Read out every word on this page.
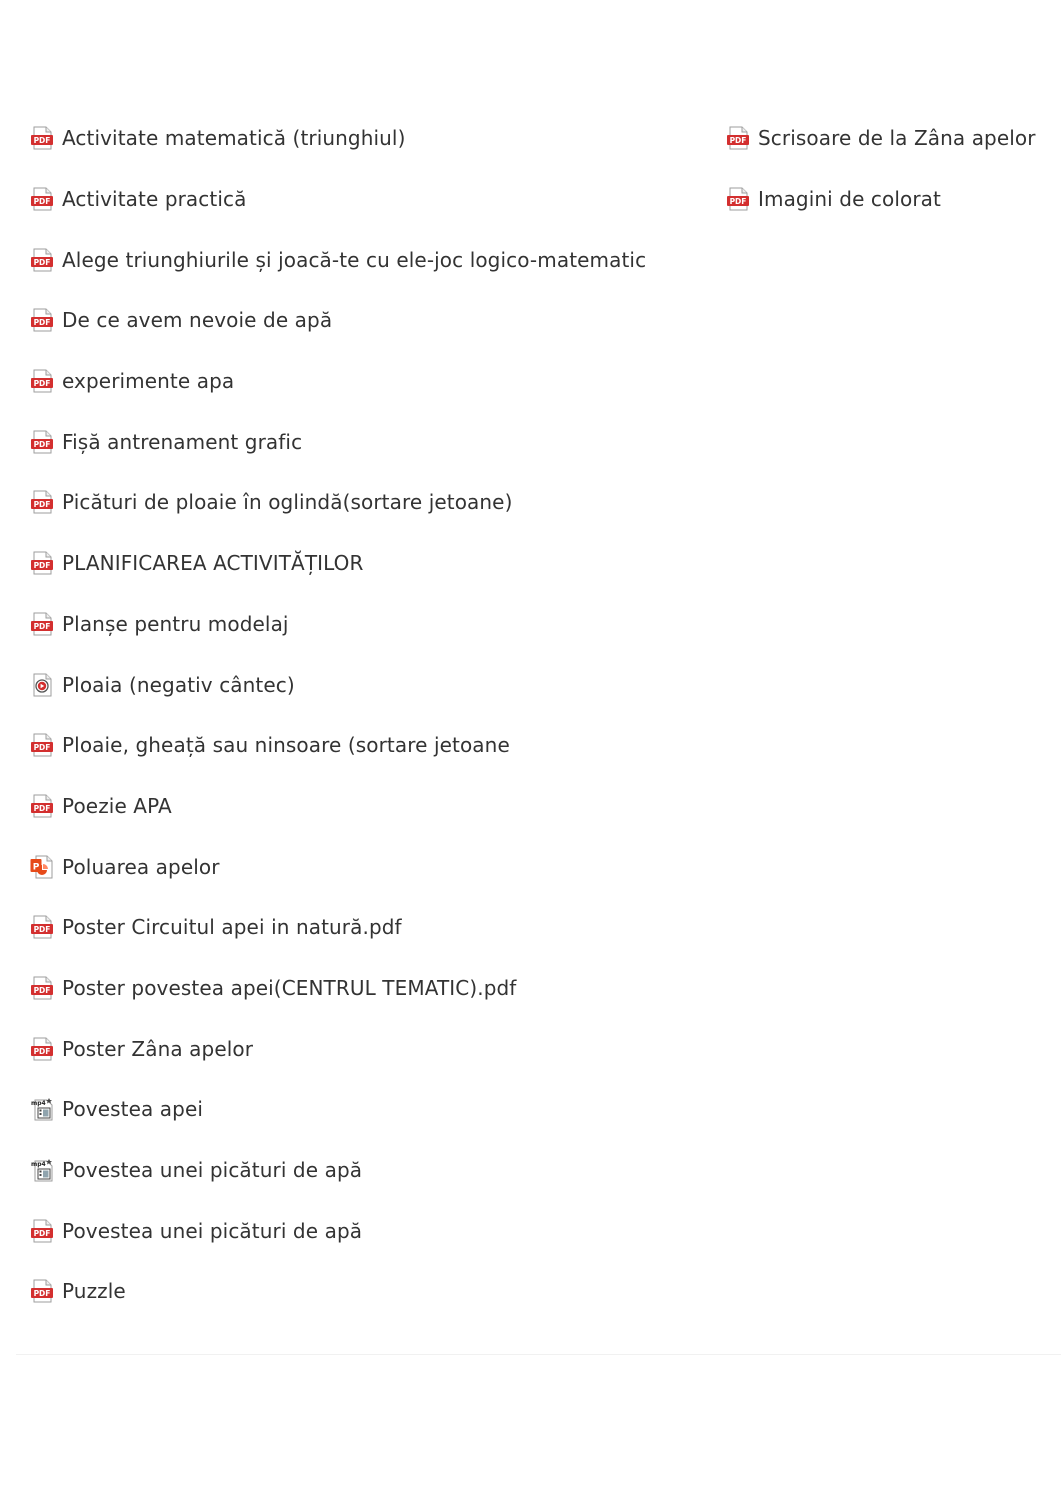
PDF Activitate matematică (triunghiul)
PDF Activitate practică
PDF Alege triunghiurile și joacă-te cu ele-joc logico-matematic
PDF De ce avem nevoie de apă
PDF experimente apa
PDF Fișă antrenament grafic
PDF Picături de ploaie în oglindă(sortare jetoane)
PDF PLANIFICAREA ACTIVITĂȚILOR
PDF Planșe pentru modelaj
Ploaia (negativ cântec)
PDF Ploaie, gheață sau ninsoare (sortare jetoane
PDF Poezie APA
P Poluarea apelor
PDF Poster Circuitul apei in natură.pdf
PDF Poster povestea apei(CENTRUL TEMATIC).pdf
PDF Poster Zâna apelor
mp4 Povestea apei
mp4 Povestea unei picături de apă
PDF Povestea unei picături de apă
PDF Puzzle
PDF Scrisoare de la Zâna apelor
PDF Imagini de colorat
